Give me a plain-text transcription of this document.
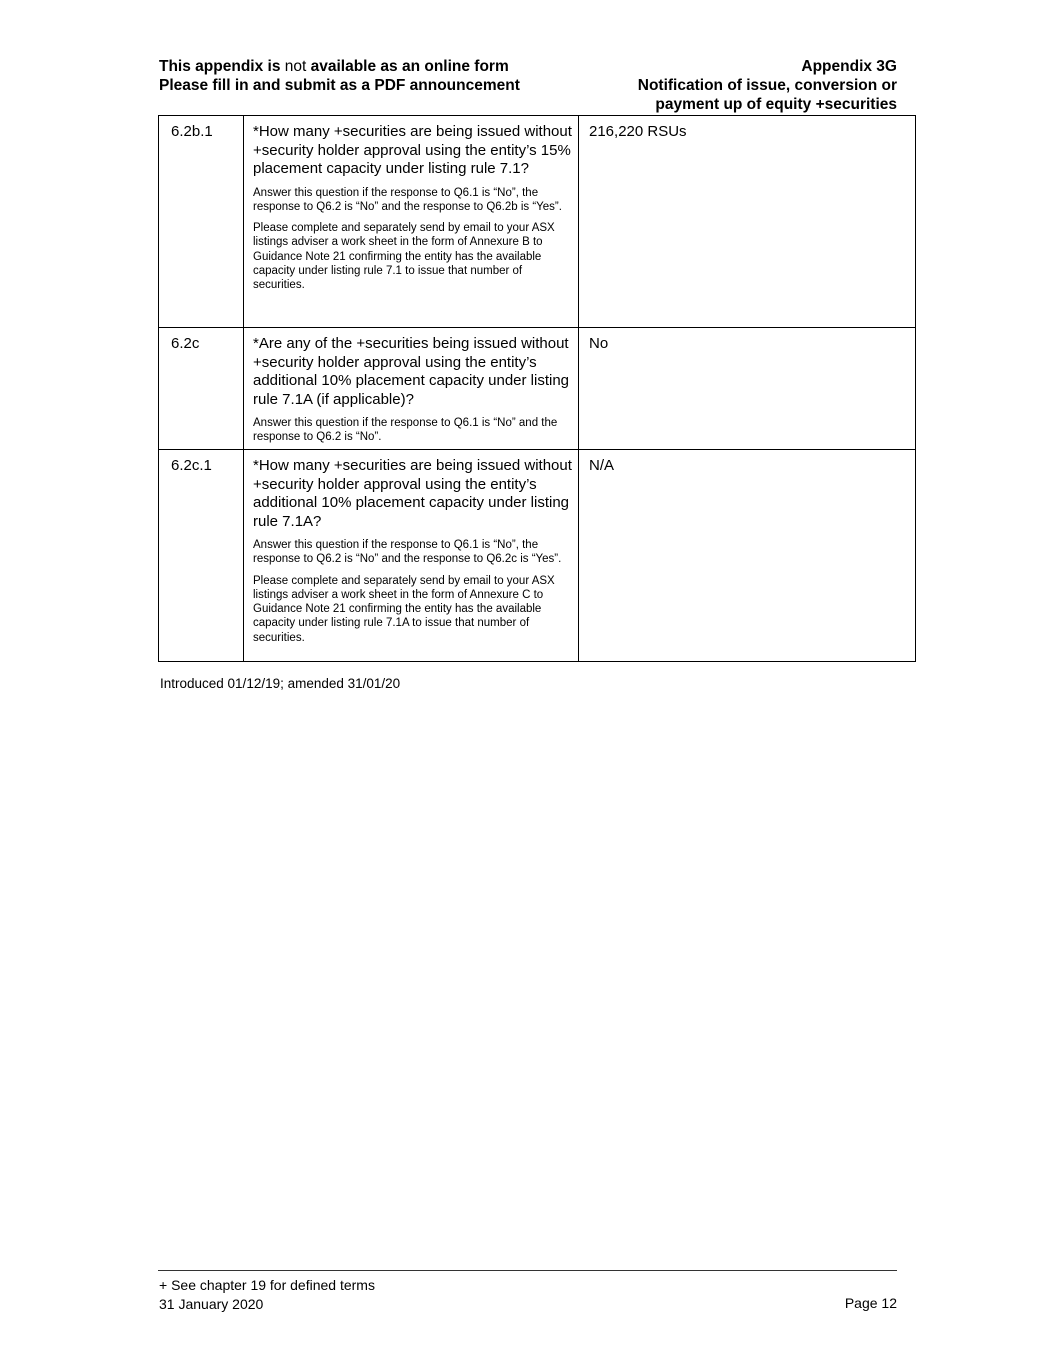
This appendix is not available as an online form
Please fill in and submit as a PDF announcement
Appendix 3G
Notification of issue, conversion or
payment up of equity +securities
6.2b.1	*How many +securities are being issued without +security holder approval using the entity’s 15% placement capacity under listing rule 7.1?
Answer this question if the response to Q6.1 is “No”, the response to Q6.2 is “No” and the response to Q6.2b is “Yes”.
Please complete and separately send by email to your ASX listings adviser a work sheet in the form of Annexure B to Guidance Note 21 confirming the entity has the available capacity under listing rule 7.1 to issue that number of securities.	216,220 RSUs
6.2c	*Are any of the +securities being issued without +security holder approval using the entity’s additional 10% placement capacity under listing rule 7.1A (if applicable)?
Answer this question if the response to Q6.1 is “No” and the response to Q6.2 is “No”.	No
6.2c.1	*How many +securities are being issued without +security holder approval using the entity’s additional 10% placement capacity under listing rule 7.1A?
Answer this question if the response to Q6.1 is “No”, the response to Q6.2 is “No” and the response to Q6.2c is “Yes”.
Please complete and separately send by email to your ASX listings adviser a work sheet in the form of Annexure C to Guidance Note 21 confirming the entity has the available capacity under listing rule 7.1A to issue that number of securities.	N/A
Introduced 01/12/19; amended 31/01/20
+ See chapter 19 for defined terms
31 January 2020	Page 12
